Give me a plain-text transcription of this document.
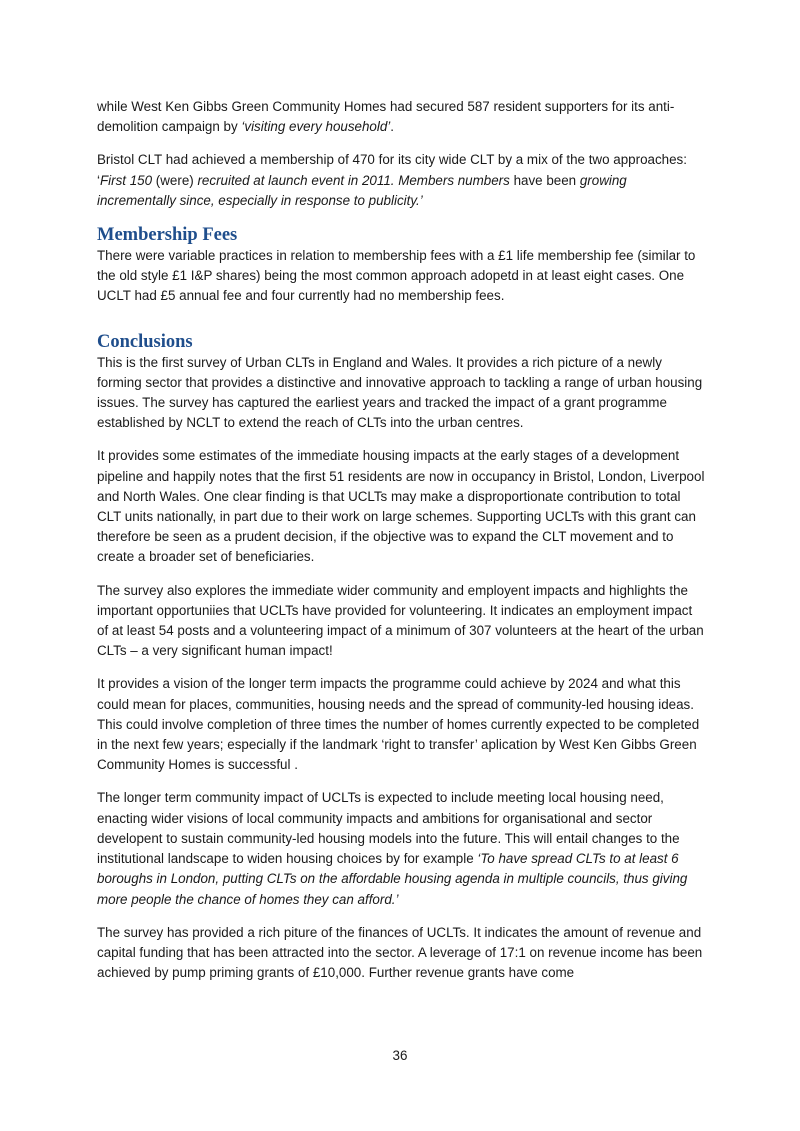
while West Ken Gibbs Green Community Homes had secured 587 resident supporters for its anti-demolition campaign by ‘visiting every household’.

Bristol CLT had achieved a membership of 470 for its city wide CLT by a mix of the two approaches: ‘First 150 (were) recruited at launch event in 2011. Members numbers have been growing incrementally since, especially in response to publicity.’

Membership Fees

There were variable practices in relation to membership fees with a £1 life membership fee (similar to the old style £1 I&P shares) being the most common approach adopetd in at least eight cases. One UCLT had £5 annual fee and four currently had no membership fees.

Conclusions

This is the first survey of Urban CLTs in England and Wales. It provides a rich picture of a newly forming sector that provides a distinctive and innovative approach to tackling a range of urban housing issues. The survey has captured the earliest years and tracked the impact of a grant programme established by NCLT to extend the reach of CLTs into the urban centres.

It provides some estimates of the immediate housing impacts at the early stages of a development pipeline and happily notes that the first 51 residents are now in occupancy in Bristol, London, Liverpool and North Wales. One clear finding is that UCLTs may make a disproportionate contribution to total CLT units nationally, in part due to their work on large schemes. Supporting UCLTs with this grant can therefore be seen as a prudent decision, if the objective was to expand the CLT movement and to create a broader set of beneficiaries.

The survey also explores the immediate wider community and employent impacts and highlights the important opportuniies that UCLTs have provided for volunteering. It indicates an employment impact of at least 54 posts and a volunteering impact of a minimum of 307 volunteers at the heart of the urban CLTs – a very significant human impact!

It provides a vision of the longer term impacts the programme could achieve by 2024 and what this could mean for places, communities, housing needs and the spread of community-led housing ideas. This could involve completion of three times the number of homes currently expected to be completed in the next few years; especially if the landmark ‘right to transfer’ aplication by West Ken Gibbs Green Community Homes is successful .

The longer term community impact of UCLTs is expected to include meeting local housing need, enacting wider visions of local community impacts and ambitions for organisational and sector developent to sustain community-led housing models into the future. This will entail changes to the institutional landscape to widen housing choices by for example ‘To have spread CLTs to at least 6 boroughs in London, putting CLTs on the affordable housing agenda in multiple councils, thus giving more people the chance of homes they can afford.’

The survey has provided a rich piture of the finances of UCLTs. It indicates the amount of revenue and capital funding that has been attracted into the sector. A leverage of 17:1 on revenue income has been achieved by pump priming grants of £10,000. Further revenue grants have come

36
